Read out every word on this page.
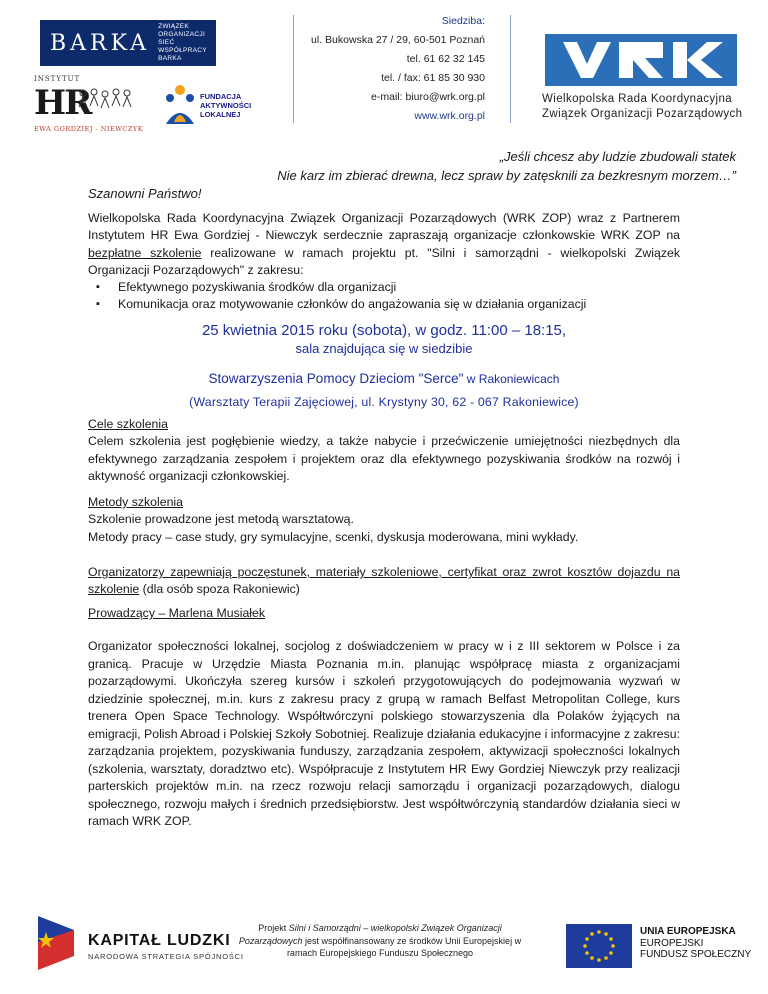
BARKA
ZWIĄZEK ORGANIZACJI
SIEĆ WSPÓŁPRACY BARKA
INSTYTUT
HR
EWA GORDZIEJ - NIEWCZYK
FUNDACJA
AKTYWNOŚCI
LOKALNEJ
Siedziba:
ul. Bukowska 27 / 29, 60-501 Poznań
tel. 61 62 32 145
tel. / fax: 61 85 30 930
e-mail: biuro@wrk.org.pl
www.wrk.org.pl
Wielkopolska Rada Koordynacyjna
Związek Organizacji Pozarządowych
„Jeśli chcesz aby ludzie zbudowali statek
Nie karz im zbierać drewna, lecz spraw by zatęsknili za bezkresnym morzem…”
Szanowni Państwo!
Wielkopolska Rada Koordynacyjna Związek Organizacji Pozarządowych (WRK ZOP) wraz z Partnerem Instytutem HR Ewa Gordziej - Niewczyk serdecznie zapraszają organizacje członkowskie WRK ZOP na bezpłatne szkolenie realizowane w ramach projektu pt. "Silni i samorządni - wielkopolski Związek Organizacji Pozarządowych" z zakresu:
▪ Efektywnego pozyskiwania środków dla organizacji
▪ Komunikacja oraz motywowanie członków do angażowania się w działania organizacji
25 kwietnia 2015 roku (sobota), w godz. 11:00 – 18:15,
sala znajdująca się w siedzibie
Stowarzyszenia Pomocy Dzieciom "Serce" w Rakoniewicach
(Warsztaty Terapii Zajęciowej, ul. Krystyny 30, 62 - 067 Rakoniewice)
Cele szkolenia
Celem szkolenia jest pogłębienie wiedzy, a także nabycie i przećwiczenie umiejętności niezbędnych dla efektywnego zarządzania zespołem i projektem oraz dla efektywnego pozyskiwania środków na rozwój i aktywność organizacji członkowskiej.
Metody szkolenia
Szkolenie prowadzone jest metodą warsztatową.
Metody pracy – case study, gry symulacyjne, scenki, dyskusja moderowana, mini wykłady.
Organizatorzy zapewniają poczęstunek, materiały szkoleniowe, certyfikat oraz zwrot kosztów dojazdu na szkolenie (dla osób spoza Rakoniewic)
Prowadzący – Marlena Musiałek
Organizator społeczności lokalnej, socjolog z doświadczeniem w pracy w i z III sektorem w Polsce i za granicą. Pracuje w Urzędzie Miasta Poznania m.in. planując współpracę miasta z organizacjami pozarządowymi. Ukończyła szereg kursów i szkoleń przygotowujących do podejmowania wyzwań w dziedzinie społecznej, m.in. kurs z zakresu pracy z grupą w ramach Belfast Metropolitan College, kurs trenera Open Space Technology. Współtwórczyni polskiego stowarzyszenia dla Polaków żyjących na emigracji, Polish Abroad i Polskiej Szkoły Sobotniej. Realizuje działania edukacyjne i informacyjne z zakresu: zarządzania projektem, pozyskiwania funduszy, zarządzania zespołem, aktywizacji społeczności lokalnych (szkolenia, warsztaty, doradztwo etc). Współpracuje z Instytutem HR Ewy Gordziej Niewczyk przy realizacji parterskich projektów m.in. na rzecz rozwoju relacji samorządu i organizacji pozarządowych, dialogu społecznego, rozwoju małych i średnich przedsiębiorstw. Jest współtwórczynią standardów działania sieci w ramach WRK ZOP.
KAPITAŁ LUDZKI
NARODOWA STRATEGIA SPÓJNOŚCI
Projekt Silni i Samorządni – wielkopolski Związek Organizacji Pozarządowych jest współfinansowany ze środków Unii Europejskiej w ramach Europejskiego Funduszu Społecznego
UNIA EUROPEJSKA
EUROPEJSKI
FUNDUSZ SPOŁECZNY
